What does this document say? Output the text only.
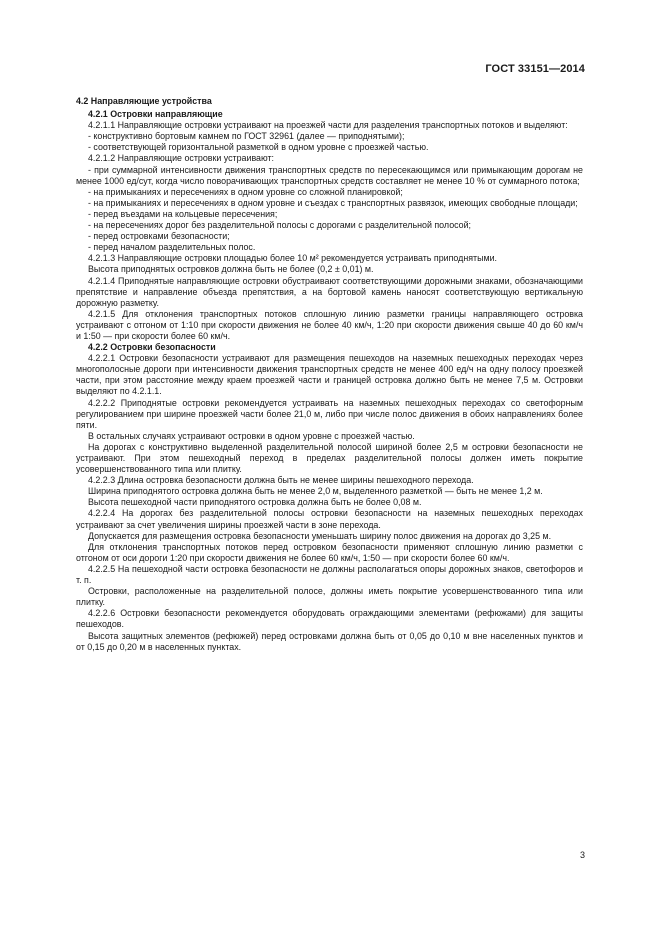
ГОСТ 33151—2014

4.2 Направляющие устройства

4.2.1 Островки направляющие

4.2.1.1 Направляющие островки устраивают на проезжей части для разделения транспортных потоков и выделяют:

- конструктивно бортовым камнем по ГОСТ 32961 (далее — приподнятыми);

- соответствующей горизонтальной разметкой в одном уровне с проезжей частью.

4.2.1.2 Направляющие островки устраивают:

- при суммарной интенсивности движения транспортных средств по пересекающимся или примыкающим дорогам не менее 1000 ед/сут, когда число поворачивающих транспортных средств составляет не менее 10 % от суммарного потока;

- на примыканиях и пересечениях в одном уровне со сложной планировкой;

- на примыканиях и пересечениях в одном уровне и съездах с транспортных развязок, имеющих свободные площади;

- перед въездами на кольцевые пересечения;

- на пересечениях дорог без разделительной полосы с дорогами с разделительной полосой;

- перед островками безопасности;

- перед началом разделительных полос.

4.2.1.3 Направляющие островки площадью более 10 м² рекомендуется устраивать приподнятыми.

Высота приподнятых островков должна быть не более (0,2 ± 0,01) м.

4.2.1.4 Приподнятые направляющие островки обустраивают соответствующими дорожными знаками, обозначающими препятствие и направление объезда препятствия, а на бортовой камень наносят соответствующую вертикальную дорожную разметку.

4.2.1.5 Для отклонения транспортных потоков сплошную линию разметки границы направляющего островка устраивают с отгоном от 1:10 при скорости движения не более 40 км/ч, 1:20 при скорости движения свыше 40 до 60 км/ч и 1:50 — при скорости более 60 км/ч.

4.2.2 Островки безопасности

4.2.2.1 Островки безопасности устраивают для размещения пешеходов на наземных пешеходных переходах через многополосные дороги при интенсивности движения транспортных средств не менее 400 ед/ч на одну полосу проезжей части, при этом расстояние между краем проезжей части и границей островка должно быть не менее 7,5 м. Островки выделяют по 4.2.1.1.

4.2.2.2 Приподнятые островки рекомендуется устраивать на наземных пешеходных переходах со светофорным регулированием при ширине проезжей части более 21,0 м, либо при числе полос движения в обоих направлениях более пяти.

В остальных случаях устраивают островки в одном уровне с проезжей частью.

На дорогах с конструктивно выделенной разделительной полосой шириной более 2,5 м островки безопасности не устраивают. При этом пешеходный переход в пределах разделительной полосы должен иметь покрытие усовершенствованного типа или плитку.

4.2.2.3 Длина островка безопасности должна быть не менее ширины пешеходного перехода.

Ширина приподнятого островка должна быть не менее 2,0 м, выделенного разметкой — быть не менее 1,2 м.

Высота пешеходной части приподнятого островка должна быть не более 0,08 м.

4.2.2.4 На дорогах без разделительной полосы островки безопасности на наземных пешеходных переходах устраивают за счет увеличения ширины проезжей части в зоне перехода.

Допускается для размещения островка безопасности уменьшать ширину полос движения на дорогах до 3,25 м.

Для отклонения транспортных потоков перед островком безопасности применяют сплошную линию разметки с отгоном от оси дороги 1:20 при скорости движения не более 60 км/ч, 1:50 — при скорости более 60 км/ч.

4.2.2.5 На пешеходной части островка безопасности не должны располагаться опоры дорожных знаков, светофоров и т. п.

Островки, расположенные на разделительной полосе, должны иметь покрытие усовершенствованного типа или плитку.

4.2.2.6 Островки безопасности рекомендуется оборудовать ограждающими элементами (рефюжами) для защиты пешеходов.

Высота защитных элементов (рефюжей) перед островками должна быть от 0,05 до 0,10 м вне населенных пунктов и от 0,15 до 0,20 м в населенных пунктах.

3
